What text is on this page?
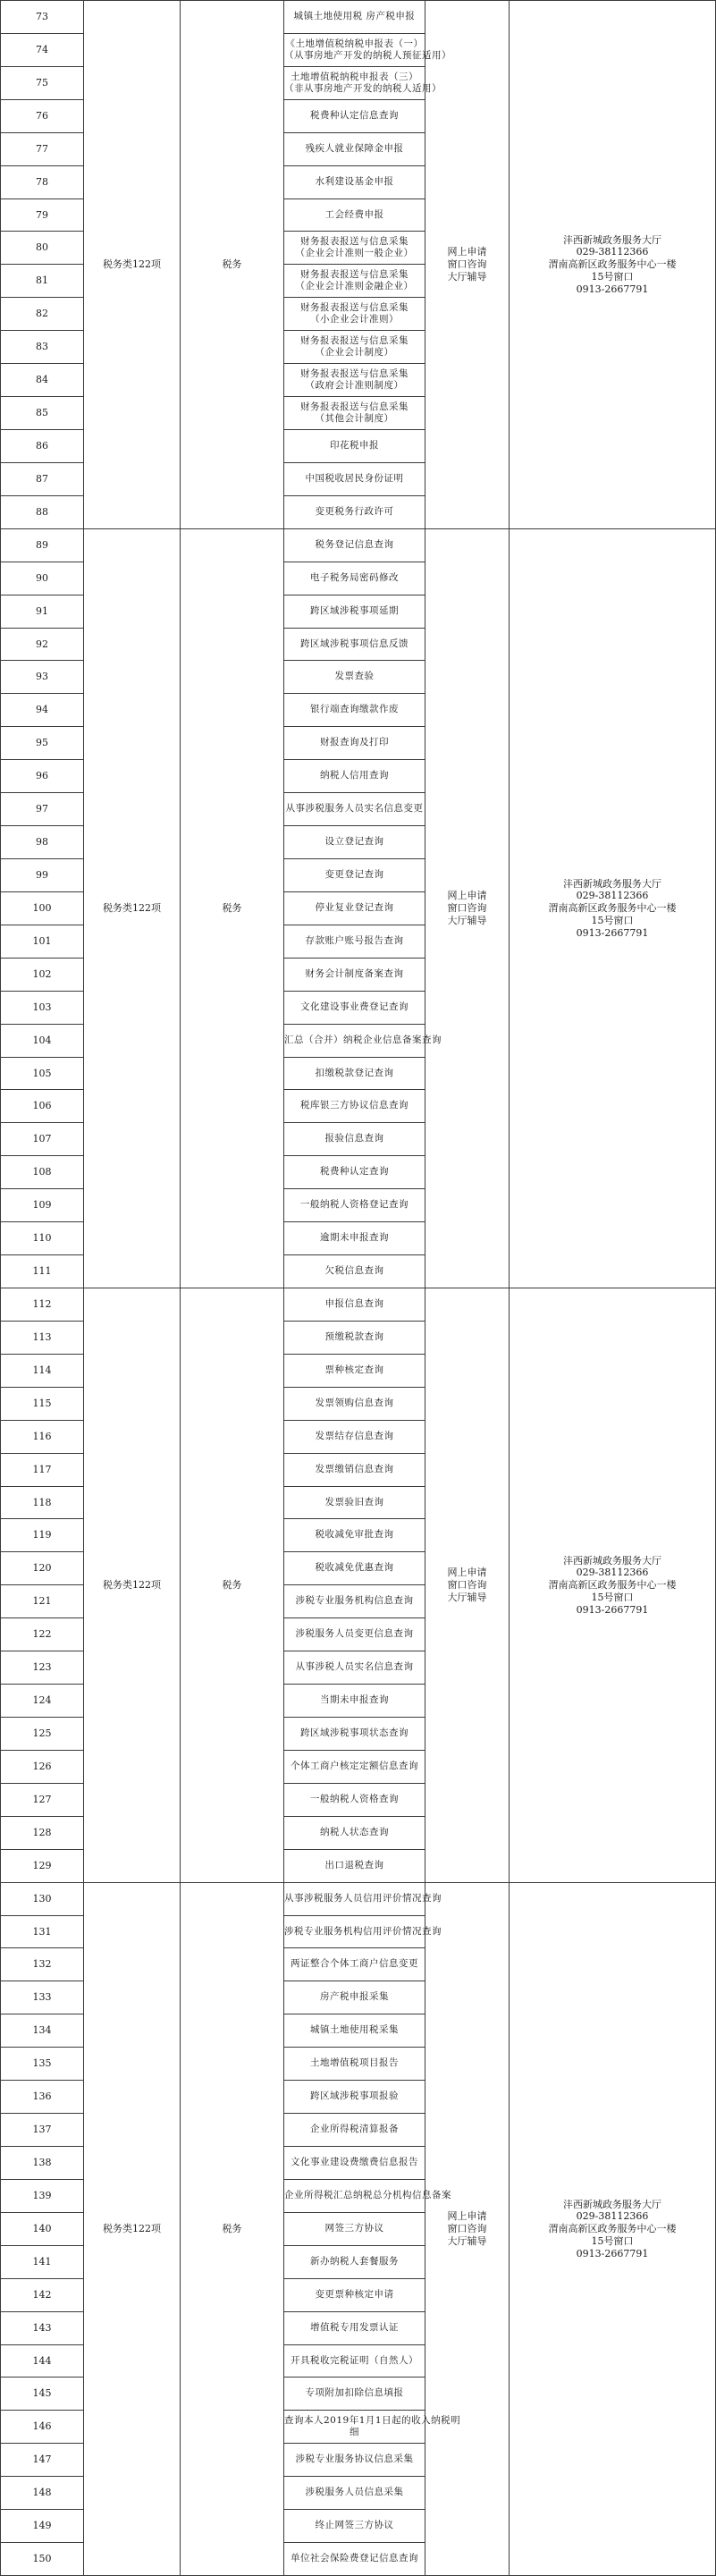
73	税务类122项	税务	城镇土地使用税 房产税申报	网上申请
窗口咨询
大厅辅导	沣西新城政务服务大厅
029-38112366
渭南高新区政务服务中心一楼
15号窗口
0913-2667791

74			《土地增值税纳税申报表（一）
（从事房地产开发的纳税人预征适用）		

75			土地增值税纳税申报表（三）
（非从事房地产开发的纳税人适用）		

76			税费种认定信息查询		

77			残疾人就业保障金申报		

78			水利建设基金申报		

79			工会经费申报		

80			财务报表报送与信息采集
（企业会计准则一般企业）		

81			财务报表报送与信息采集
（企业会计准则金融企业）		

82			财务报表报送与信息采集
（小企业会计准则）		

83			财务报表报送与信息采集
（企业会计制度）		

84			财务报表报送与信息采集
（政府会计准则制度）		

85			财务报表报送与信息采集
（其他会计制度）		

86			印花税申报		

87			中国税收居民身份证明		

88			变更税务行政许可		

89	税务类122项	税务	税务登记信息查询	网上申请
窗口咨询
大厅辅导	沣西新城政务服务大厅
029-38112366
渭南高新区政务服务中心一楼
15号窗口
0913-2667791

90			电子税务局密码修改		

91			跨区域涉税事项延期		

92			跨区域涉税事项信息反馈		

93			发票查验		

94			银行端查询缴款作废		

95			财报查询及打印		

96			纳税人信用查询		

97			从事涉税服务人员实名信息变更		

98			设立登记查询		

99			变更登记查询		

100			停业复业登记查询		

101			存款账户账号报告查询		

102			财务会计制度备案查询		

103			文化建设事业费登记查询		

104			汇总（合并）纳税企业信息备案查询		

105			扣缴税款登记查询		

106			税库银三方协议信息查询		

107			报验信息查询		

108			税费种认定查询		

109			一般纳税人资格登记查询		

110			逾期未申报查询		

111			欠税信息查询		

112	税务类122项	税务	申报信息查询	网上申请
窗口咨询
大厅辅导	沣西新城政务服务大厅
029-38112366
渭南高新区政务服务中心一楼
15号窗口
0913-2667791

113			预缴税款查询		

114			票种核定查询		

115			发票领购信息查询		

116			发票结存信息查询		

117			发票缴销信息查询		

118			发票验旧查询		

119			税收减免审批查询		

120			税收减免优惠查询		

121			涉税专业服务机构信息查询		

122			涉税服务人员变更信息查询		

123			从事涉税人员实名信息查询		

124			当期未申报查询		

125			跨区域涉税事项状态查询		

126			个体工商户核定定额信息查询		

127			一般纳税人资格查询		

128			纳税人状态查询		

129			出口退税查询		

130	税务类122项	税务	从事涉税服务人员信用评价情况查询	网上申请
窗口咨询
大厅辅导	沣西新城政务服务大厅
029-38112366
渭南高新区政务服务中心一楼
15号窗口
0913-2667791

131			涉税专业服务机构信用评价情况查询		

132			两证整合个体工商户信息变更		

133			房产税申报采集		

134			城镇土地使用税采集		

135			土地增值税项目报告		

136			跨区域涉税事项报验		

137			企业所得税清算报备		

138			文化事业建设费缴费信息报告		

139			企业所得税汇总纳税总分机构信息备案		

140			网签三方协议		

141			新办纳税人套餐服务		

142			变更票种核定申请		

143			增值税专用发票认证		

144			开具税收完税证明（自然人）		

145			专项附加扣除信息填报		

146			查询本人2019年1月1日起的收入纳税明
细		

147			涉税专业服务协议信息采集		

148			涉税服务人员信息采集		

149			终止网签三方协议		

150			单位社会保险费登记信息查询		
